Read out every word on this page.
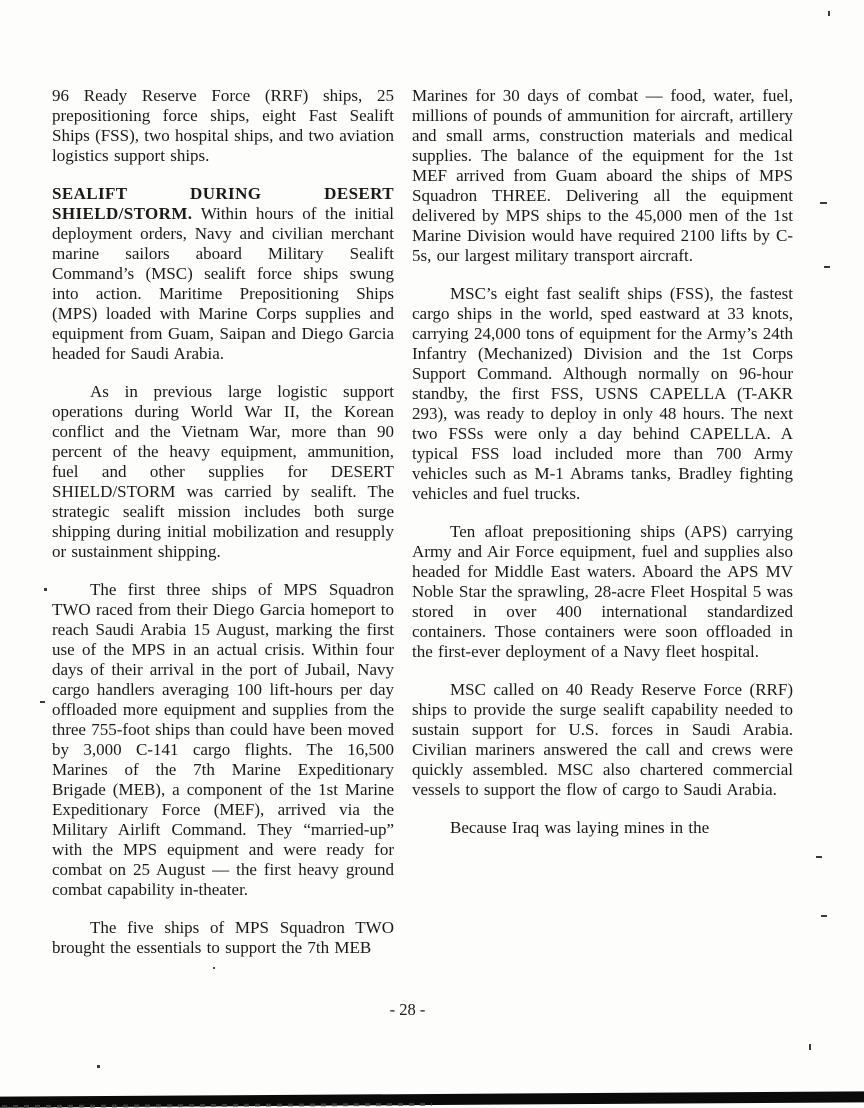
96 Ready Reserve Force (RRF) ships, 25 prepositioning force ships, eight Fast Sealift Ships (FSS), two hospital ships, and two aviation logistics support ships.

SEALIFT DURING DESERT SHIELD/STORM. Within hours of the initial deployment orders, Navy and civilian merchant marine sailors aboard Military Sealift Command’s (MSC) sealift force ships swung into action. Maritime Prepositioning Ships (MPS) loaded with Marine Corps supplies and equipment from Guam, Saipan and Diego Garcia headed for Saudi Arabia.

As in previous large logistic support operations during World War II, the Korean conflict and the Vietnam War, more than 90 percent of the heavy equipment, ammunition, fuel and other supplies for DESERT SHIELD/STORM was carried by sealift. The strategic sealift mission includes both surge shipping during initial mobilization and resupply or sustainment shipping.

The first three ships of MPS Squadron TWO raced from their Diego Garcia homeport to reach Saudi Arabia 15 August, marking the first use of the MPS in an actual crisis. Within four days of their arrival in the port of Jubail, Navy cargo handlers averaging 100 lift-hours per day offloaded more equipment and supplies from the three 755-foot ships than could have been moved by 3,000 C-141 cargo flights. The 16,500 Marines of the 7th Marine Expeditionary Brigade (MEB), a component of the 1st Marine Expeditionary Force (MEF), arrived via the Military Airlift Command. They “married-up” with the MPS equipment and were ready for combat on 25 August — the first heavy ground combat capability in-theater.

The five ships of MPS Squadron TWO brought the essentials to support the 7th MEB

Marines for 30 days of combat — food, water, fuel, millions of pounds of ammunition for aircraft, artillery and small arms, construction materials and medical supplies. The balance of the equipment for the 1st MEF arrived from Guam aboard the ships of MPS Squadron THREE. Delivering all the equipment delivered by MPS ships to the 45,000 men of the 1st Marine Division would have required 2100 lifts by C-5s, our largest military transport aircraft.

MSC’s eight fast sealift ships (FSS), the fastest cargo ships in the world, sped eastward at 33 knots, carrying 24,000 tons of equipment for the Army’s 24th Infantry (Mechanized) Division and the 1st Corps Support Command. Although normally on 96-hour standby, the first FSS, USNS CAPELLA (T-AKR 293), was ready to deploy in only 48 hours. The next two FSSs were only a day behind CAPELLA. A typical FSS load included more than 700 Army vehicles such as M-1 Abrams tanks, Bradley fighting vehicles and fuel trucks.

Ten afloat prepositioning ships (APS) carrying Army and Air Force equipment, fuel and supplies also headed for Middle East waters. Aboard the APS MV Noble Star the sprawling, 28-acre Fleet Hospital 5 was stored in over 400 international standardized containers. Those containers were soon offloaded in the first-ever deployment of a Navy fleet hospital.

MSC called on 40 Ready Reserve Force (RRF) ships to provide the surge sealift capability needed to sustain support for U.S. forces in Saudi Arabia. Civilian mariners answered the call and crews were quickly assembled. MSC also chartered commercial vessels to support the flow of cargo to Saudi Arabia.

Because Iraq was laying mines in the

- 28 -
